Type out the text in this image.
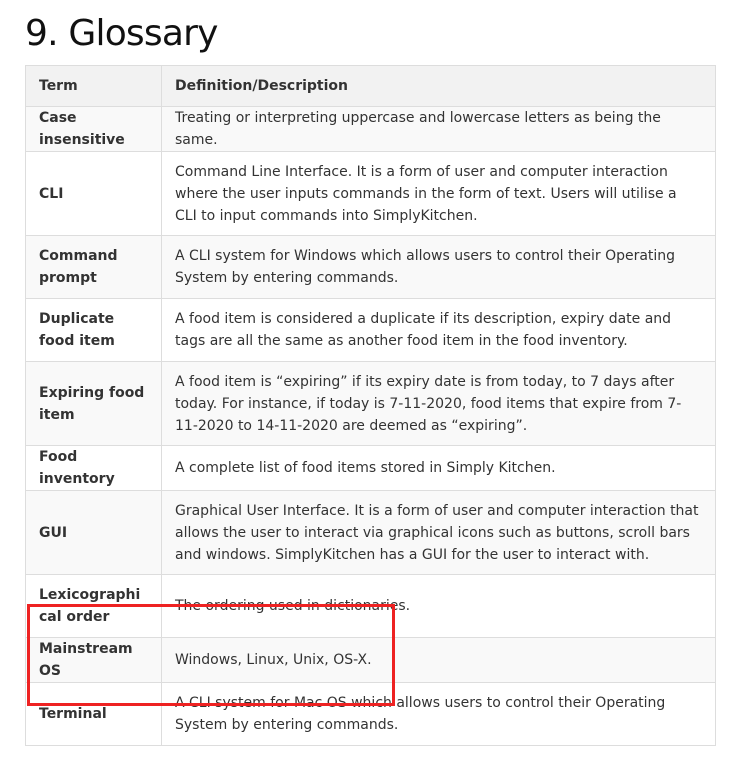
9. Glossary
Term	Definition/Description
Case insensitive	Treating or interpreting uppercase and lowercase letters as being the same.
CLI	Command Line Interface. It is a form of user and computer interaction where the user inputs commands in the form of text. Users will utilise a CLI to input commands into SimplyKitchen.
Command prompt	A CLI system for Windows which allows users to control their Operating System by entering commands.
Duplicate food item	A food item is considered a duplicate if its description, expiry date and tags are all the same as another food item in the food inventory.
Expiring food item	A food item is “expiring” if its expiry date is from today, to 7 days after today. For instance, if today is 7-11-2020, food items that expire from 7-11-2020 to 14-11-2020 are deemed as “expiring”.
Food inventory	A complete list of food items stored in Simply Kitchen.
GUI	Graphical User Interface. It is a form of user and computer interaction that allows the user to interact via graphical icons such as buttons, scroll bars and windows. SimplyKitchen has a GUI for the user to interact with.
Lexicographical order	The ordering used in dictionaries.
Mainstream OS	Windows, Linux, Unix, OS-X.
Terminal	A CLI system for Mac OS which allows users to control their Operating System by entering commands.
